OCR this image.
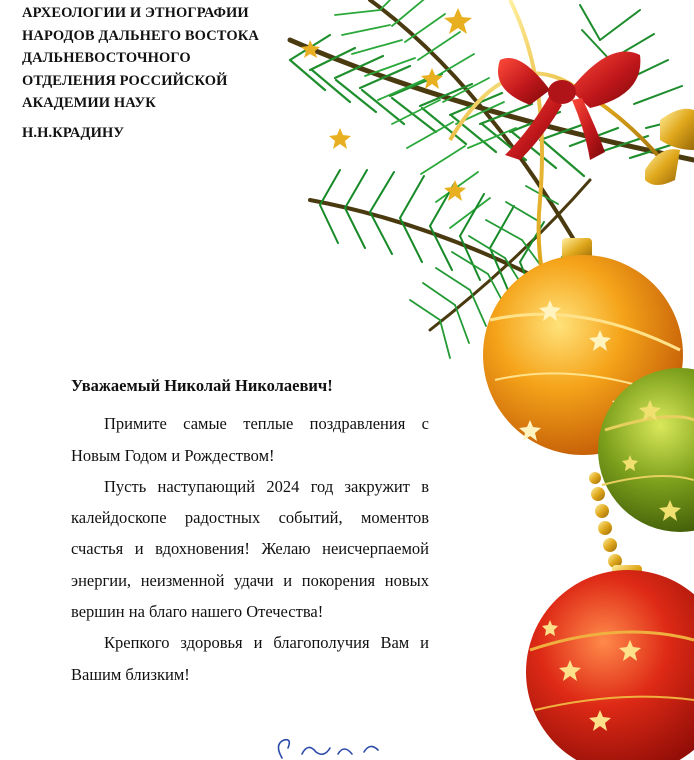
АРХЕОЛОГИИ И ЭТНОГРАФИИ
НАРОДОВ ДАЛЬНЕГО ВОСТОКА
ДАЛЬНЕВОСТОЧНОГО
ОТДЕЛЕНИЯ РОССИЙСКОЙ
АКАДЕМИИ НАУК
Н.Н.КРАДИНУ

Уважаемый Николай Николаевич!

Примите самые теплые поздравления с Новым Годом и Рождеством!

Пусть наступающий 2024 год закружит в калейдоскопе радостных событий, моментов счастья и вдохновения! Желаю неисчерпаемой энергии, неизменной удачи и покорения новых вершин на благо нашего Отечества!

Крепкого здоровья и благополучия Вам и Вашим близким!
